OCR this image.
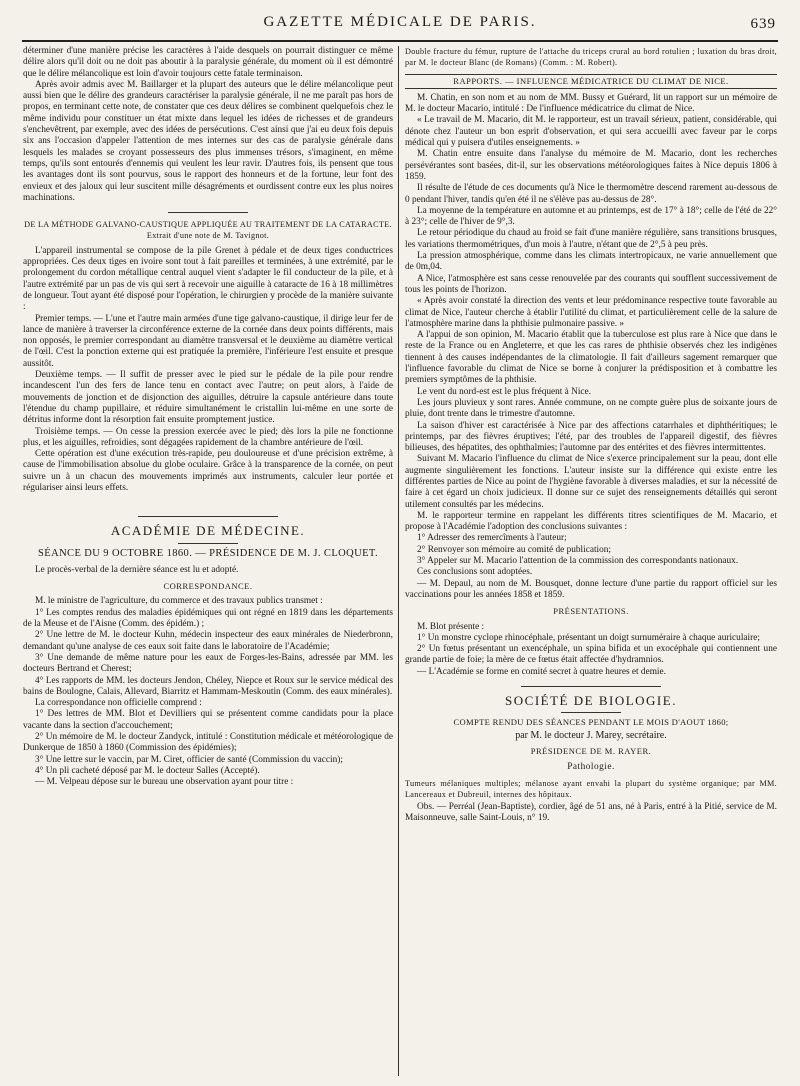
GAZETTE MÉDICALE DE PARIS.	639

déterminer d'une manière précise les caractères à l'aide desquels on pourrait distinguer ce même délire alors qu'il doit ou ne doit pas aboutir à la paralysie générale, du moment où il est démontré que le délire mélancolique est loin d'avoir toujours cette fatale terminaison.

Après avoir admis avec M. Baillarger et la plupart des auteurs que le délire mélancolique peut aussi bien que le délire des grandeurs caractériser la paralysie générale, il ne me paraît pas hors de propos, en terminant cette note, de constater que ces deux délires se combinent quelquefois chez le même individu pour constituer un état mixte dans lequel les idées de richesses et de grandeurs s'enchevêtrent, par exemple, avec des idées de persécutions. C'est ainsi que j'ai eu deux fois depuis six ans l'occasion d'appeler l'attention de mes internes sur des cas de paralysie générale dans lesquels les malades se croyant possesseurs des plus immenses trésors, s'imaginent, en même temps, qu'ils sont entourés d'ennemis qui veulent les leur ravir. D'autres fois, ils pensent que tous les avantages dont ils sont pourvus, sous le rapport des honneurs et de la fortune, leur font des envieux et des jaloux qui leur suscitent mille désagréments et ourdissent contre eux les plus noires machinations.

DE LA MÉTHODE GALVANO-CAUSTIQUE APPLIQUÉE AU TRAITEMENT DE LA CATARACTE. Extrait d'une note de M. Tavignot.

L'appareil instrumental se compose de la pile Grenet à pédale et de deux tiges conductrices appropriées. Ces deux tiges en ivoire sont tout à fait pareilles et terminées, à une extrémité, par le prolongement du cordon métallique central auquel vient s'adapter le fil conducteur de la pile, et à l'autre extrémité par un pas de vis qui sert à recevoir une aiguille à cataracte de 16 à 18 millimètres de longueur. Tout ayant été disposé pour l'opération, le chirurgien y procède de la manière suivante :

Premier temps. — L'une et l'autre main armées d'une tige galvano-caustique, il dirige leur fer de lance de manière à traverser la circonférence externe de la cornée dans deux points différents, mais non opposés, le premier correspondant au diamètre transversal et le deuxième au diamètre vertical de l'œil. C'est la ponction externe qui est pratiquée la première, l'inférieure l'est ensuite et presque aussitôt.

Deuxième temps. — Il suffit de presser avec le pied sur le pédale de la pile pour rendre incandescent l'un des fers de lance tenu en contact avec l'autre; on peut alors, à l'aide de mouvements de jonction et de disjonction des aiguilles, détruire la capsule antérieure dans toute l'étendue du champ pupillaire, et réduire simultanément le cristallin lui-même en une sorte de détritus informe dont la résorption fait ensuite promptement justice.

Troisième temps. — On cesse la pression exercée avec le pied; dès lors la pile ne fonctionne plus, et les aiguilles, refroidies, sont dégagées rapidement de la chambre antérieure de l'œil.

Cette opération est d'une exécution très-rapide, peu douloureuse et d'une précision extrême, à cause de l'immobilisation absolue du globe oculaire. Grâce à la transparence de la cornée, on peut suivre un à un chacun des mouvements imprimés aux instruments, calculer leur portée et régulariser ainsi leurs effets.

ACADÉMIE DE MÉDECINE.
SÉANCE DU 9 OCTOBRE 1860. — PRÉSIDENCE DE M. J. CLOQUET.

Le procès-verbal de la dernière séance est lu et adopté.

CORRESPONDANCE.

M. le ministre de l'agriculture, du commerce et des travaux publics transmet :

1° Les comptes rendus des maladies épidémiques qui ont régné en 1819 dans les départements de la Meuse et de l'Aisne (Comm. des épidém.) ;

2° Une lettre de M. le docteur Kuhn, médecin inspecteur des eaux minérales de Niederbronn, demandant qu'une analyse de ces eaux soit faite dans le laboratoire de l'Académie;

3° Une demande de même nature pour les eaux de Forges-les-Bains, adressée par MM. les docteurs Bertrand et Cherest;

4° Les rapports de MM. les docteurs Jendon, Chéley, Niepce et Roux sur le service médical des bains de Boulogne, Calais, Allevard, Biarritz et Hammam-Meskoutin (Comm. des eaux minérales).

La correspondance non officielle comprend :

1° Des lettres de MM. Blot et Devilliers qui se présentent comme candidats pour la place vacante dans la section d'accouchement;

2° Un mémoire de M. le docteur Zandyck, intitulé : Constitution médicale et météorologique de Dunkerque de 1850 à 1860 (Commission des épidémies);

3° Une lettre sur le vaccin, par M. Ciret, officier de santé (Commission du vaccin);

4° Un pli cacheté déposé par M. le docteur Salles (Accepté).

— M. Velpeau dépose sur le bureau une observation ayant pour titre :

Double fracture du fémur, rupture de l'attache du triceps crural au bord rotulien ; luxation du bras droit, par M. le docteur Blanc (de Romans) (Comm. : M. Robert).

RAPPORTS. — INFLUENCE MÉDICATRICE DU CLIMAT DE NICE.

M. Chatin, en son nom et au nom de MM. Bussy et Guérard, lit un rapport sur un mémoire de M. le docteur Macario, intitulé : De l'influence médicatrice du climat de Nice.

« Le travail de M. Macario, dit M. le rapporteur, est un travail sérieux, patient, considérable, qui dénote chez l'auteur un bon esprit d'observation, et qui sera accueilli avec faveur par le corps médical qui y puisera d'utiles enseignements. »

M. Chatin entre ensuite dans l'analyse du mémoire de M. Macario, dont les recherches persévérantes sont basées, dit-il, sur les observations météorologiques faites à Nice depuis 1806 à 1859.

Il résulte de l'étude de ces documents qu'à Nice le thermomètre descend rarement au-dessous de 0 pendant l'hiver, tandis qu'en été il ne s'élève pas au-dessus de 28°.

La moyenne de la température en automne et au printemps, est de 17° à 18°; celle de l'été de 22° à 23°; celle de l'hiver de 9°,3.

Le retour périodique du chaud au froid se fait d'une manière régulière, sans transitions brusques, les variations thermométriques, d'un mois à l'autre, n'étant que de 2°,5 à peu près.

La pression atmosphérique, comme dans les climats intertropicaux, ne varie annuellement que de 0m,04.

A Nice, l'atmosphère est sans cesse renouvelée par des courants qui soufflent successivement de tous les points de l'horizon.

« Après avoir constaté la direction des vents et leur prédominance respective toute favorable au climat de Nice, l'auteur cherche à établir l'utilité du climat, et particulièrement celle de la salure de l'atmosphère marine dans la phthisie pulmonaire passive. »

A l'appui de son opinion, M. Macario établit que la tuberculose est plus rare à Nice que dans le reste de la France ou en Angleterre, et que les cas rares de phthisie observés chez les indigènes tiennent à des causes indépendantes de la climatologie. Il fait d'ailleurs sagement remarquer que l'influence favorable du climat de Nice se borne à conjurer la prédisposition et à combattre les premiers symptômes de la phthisie.

Le vent du nord-est est le plus fréquent à Nice.

Les jours pluvieux y sont rares. Année commune, on ne compte guère plus de soixante jours de pluie, dont trente dans le trimestre d'automne.

La saison d'hiver est caractérisée à Nice par des affections catarrhales et diphthéritiques; le printemps, par des fièvres éruptives; l'été, par des troubles de l'appareil digestif, des fièvres bilieuses, des hépatites, des ophthalmies; l'automne par des entérites et des fièvres intermittentes.

Suivant M. Macario l'influence du climat de Nice s'exerce principalement sur la peau, dont elle augmente singulièrement les fonctions. L'auteur insiste sur la différence qui existe entre les différentes parties de Nice au point de l'hygiène favorable à diverses maladies, et sur la nécessité de faire à cet égard un choix judicieux. Il donne sur ce sujet des renseignements détaillés qui seront utilement consultés par les médecins.

M. le rapporteur termine en rappelant les différents titres scientifiques de M. Macario, et propose à l'Académie l'adoption des conclusions suivantes :

1° Adresser des remercîments à l'auteur;

2° Renvoyer son mémoire au comité de publication;

3° Appeler sur M. Macario l'attention de la commission des correspondants nationaux.

Ces conclusions sont adoptées.

— M. Depaul, au nom de M. Bousquet, donne lecture d'une partie du rapport officiel sur les vaccinations pour les années 1858 et 1859.

PRÉSENTATIONS.

M. Blot présente :

1° Un monstre cyclope rhinocéphale, présentant un doigt surnuméraire à chaque auriculaire;

2° Un fœtus présentant un exencéphale, un spina bifida et un exocéphale qui contiennent une grande partie de foie; la mère de ce fœtus était affectée d'hydramnios.

— L'Académie se forme en comité secret à quatre heures et demie.

SOCIÉTÉ DE BIOLOGIE.
COMPTE RENDU DES SÉANCES PENDANT LE MOIS D'AOUT 1860;
par M. le docteur J. Marey, secrétaire.
PRÉSIDENCE DE M. RAYER.
Pathologie.

Tumeurs mélaniques multiples; mélanose ayant envahi la plupart du système organique; par MM. Lancereaux et Dubreuil, internes des hôpitaux.

Obs. — Perréal (Jean-Baptiste), cordier, âgé de 51 ans, né à Paris, entré à la Pitié, service de M. Maisonneuve, salle Saint-Louis, n° 19.
